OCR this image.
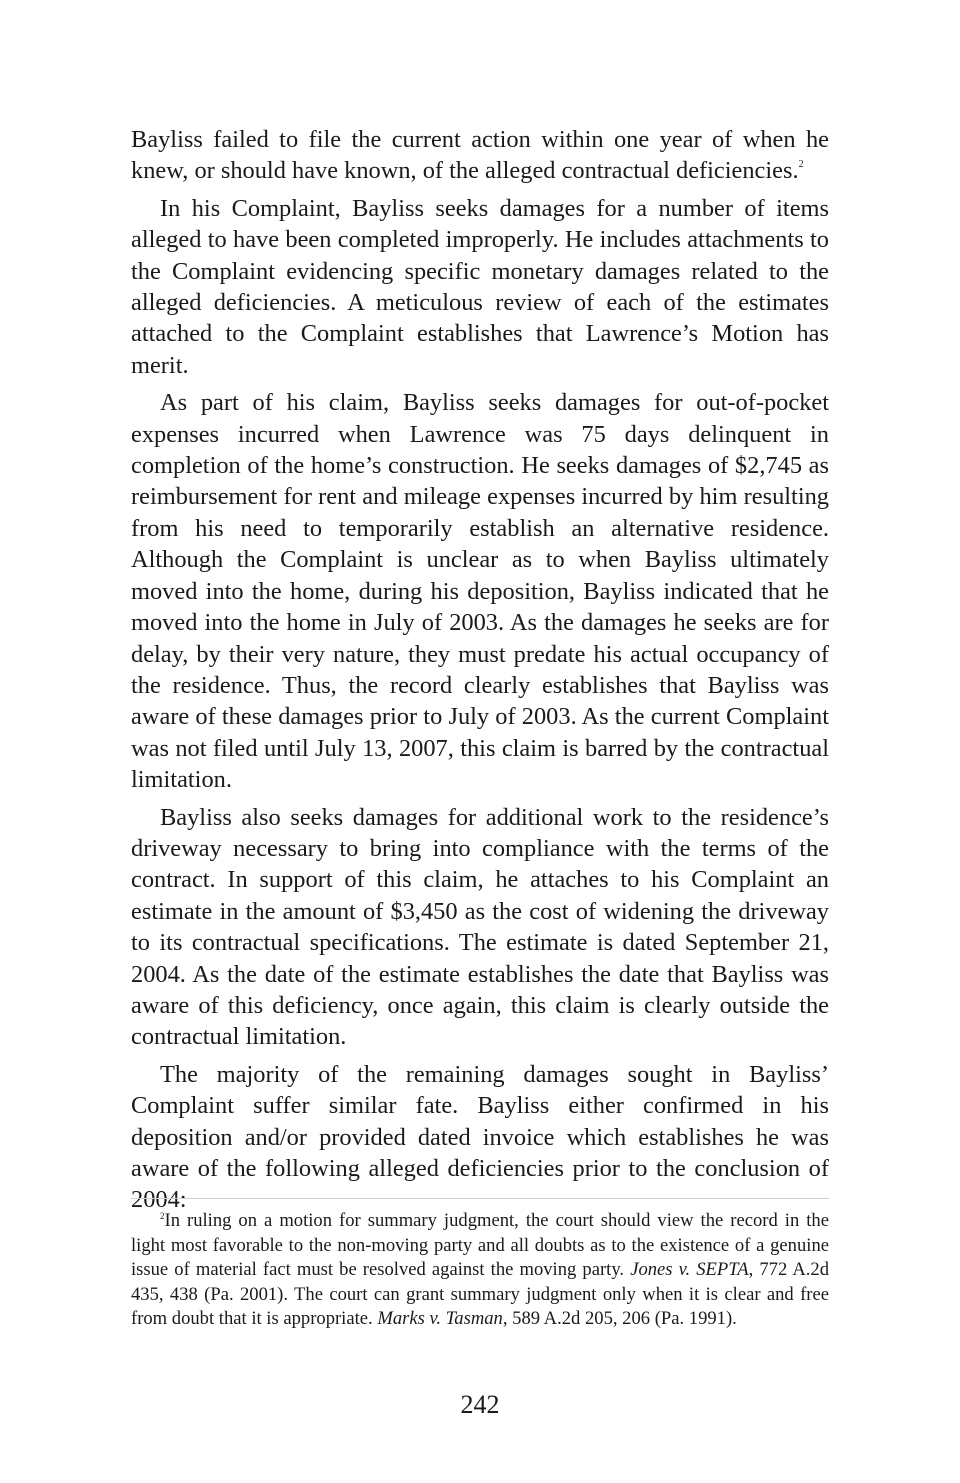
Bayliss failed to file the current action within one year of when he knew, or should have known, of the alleged contractual deficiencies.$^2$

In his Complaint, Bayliss seeks damages for a number of items alleged to have been completed improperly. He includes attachments to the Complaint evidencing specific monetary damages related to the alleged deficiencies. A meticulous review of each of the estimates attached to the Complaint establishes that Lawrence’s Motion has merit.

As part of his claim, Bayliss seeks damages for out-of-pocket expenses incurred when Lawrence was 75 days delinquent in completion of the home’s construction. He seeks damages of $2,745 as reimbursement for rent and mileage expenses incurred by him resulting from his need to temporarily establish an alternative residence. Although the Complaint is unclear as to when Bayliss ultimately moved into the home, during his deposition, Bayliss indicated that he moved into the home in July of 2003. As the damages he seeks are for delay, by their very nature, they must predate his actual occupancy of the residence. Thus, the record clearly establishes that Bayliss was aware of these damages prior to July of 2003. As the current Complaint was not filed until July 13, 2007, this claim is barred by the contractual limitation.

Bayliss also seeks damages for additional work to the residence’s driveway necessary to bring into compliance with the terms of the contract. In support of this claim, he attaches to his Complaint an estimate in the amount of $3,450 as the cost of widening the driveway to its contractual specifications. The estimate is dated September 21, 2004. As the date of the estimate establishes the date that Bayliss was aware of this deficiency, once again, this claim is clearly outside the contractual limitation.

The majority of the remaining damages sought in Bayliss’ Complaint suffer similar fate. Bayliss either confirmed in his deposition and/or provided dated invoice which establishes he was aware of the following alleged deficiencies prior to the conclusion of 2004:

$^2$In ruling on a motion for summary judgment, the court should view the record in the light most favorable to the non-moving party and all doubts as to the existence of a genuine issue of material fact must be resolved against the moving party. Jones v. SEPTA, 772 A.2d 435, 438 (Pa. 2001). The court can grant summary judgment only when it is clear and free from doubt that it is appropriate. Marks v. Tasman, 589 A.2d 205, 206 (Pa. 1991).

242
